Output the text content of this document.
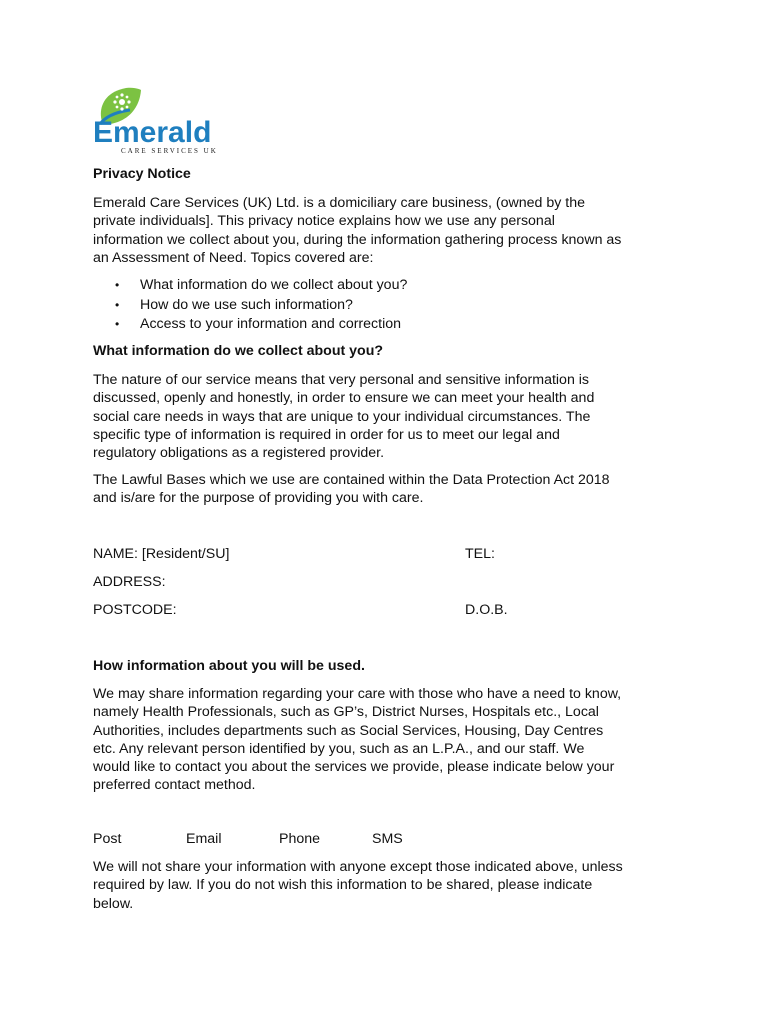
Emerald
CARE SERVICES UK
Privacy Notice
Emerald Care Services (UK) Ltd. is a domiciliary care business, (owned by the
private individuals]. This privacy notice explains how we use any personal
information we collect about you, during the information gathering process known as
an Assessment of Need. Topics covered are:
• What information do we collect about you?
• How do we use such information?
• Access to your information and correction
What information do we collect about you?
The nature of our service means that very personal and sensitive information is
discussed, openly and honestly, in order to ensure we can meet your health and
social care needs in ways that are unique to your individual circumstances. The
specific type of information is required in order for us to meet our legal and
regulatory obligations as a registered provider.
The Lawful Bases which we use are contained within the Data Protection Act 2018
and is/are for the purpose of providing you with care.
NAME: [Resident/SU]	TEL:
ADDRESS:
POSTCODE:	D.O.B.
How information about you will be used.
We may share information regarding your care with those who have a need to know,
namely Health Professionals, such as GP’s, District Nurses, Hospitals etc., Local
Authorities, includes departments such as Social Services, Housing, Day Centres
etc. Any relevant person identified by you, such as an L.P.A., and our staff. We
would like to contact you about the services we provide, please indicate below your
preferred contact method.
Post	Email	Phone	SMS
We will not share your information with anyone except those indicated above, unless
required by law. If you do not wish this information to be shared, please indicate
below.
